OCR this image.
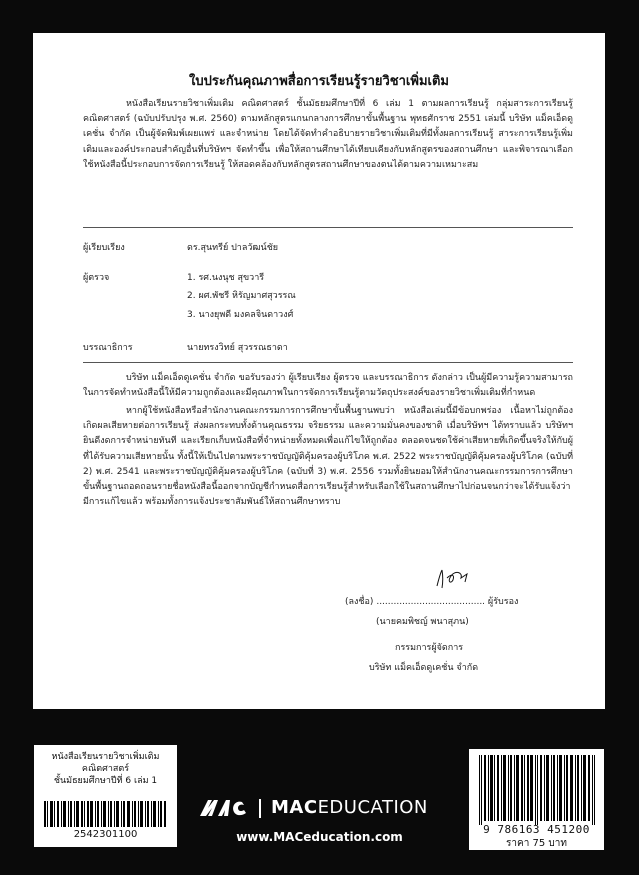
ใบประกันคุณภาพสื่อการเรียนรู้รายวิชาเพิ่มเติม

หนังสือเรียนรายวิชาเพิ่มเติม คณิตศาสตร์ ชั้นมัธยมศึกษาปีที่ 6 เล่ม 1 ตามผลการเรียนรู้ กลุ่มสาระการเรียนรู้คณิตศาสตร์ (ฉบับปรับปรุง พ.ศ. 2560) ตามหลักสูตรแกนกลางการศึกษาขั้นพื้นฐาน พุทธศักราช 2551 เล่มนี้ บริษัท แม็คเอ็ดดูเคชั่น จำกัด เป็นผู้จัดพิมพ์เผยแพร่ และจำหน่าย โดยได้จัดทำคำอธิบายรายวิชาเพิ่มเติมที่มีทั้งผลการเรียนรู้ สาระการเรียนรู้เพิ่มเติมและองค์ประกอบสำคัญอื่นที่บริษัทฯ จัดทำขึ้น เพื่อให้สถานศึกษาได้เทียบเคียงกับหลักสูตรของสถานศึกษา และพิจารณาเลือกใช้หนังสือนี้ประกอบการจัดการเรียนรู้ ให้สอดคล้องกับหลักสูตรสถานศึกษาของตนได้ตามความเหมาะสม

ผู้เรียบเรียง	ดร.สุนทรีย์ ปาลวัฒน์ชัย
ผู้ตรวจ	1. รศ.นงนุช สุขวารี
2. ผศ.พัชรี หิรัญมาศสุวรรณ
3. นางยุพดี มงคลจินดาวงศ์
บรรณาธิการ	นายทรงวิทย์ สุวรรณธาดา

บริษัท แม็คเอ็ดดูเคชั่น จำกัด ขอรับรองว่า ผู้เรียบเรียง ผู้ตรวจ และบรรณาธิการ ดังกล่าว เป็นผู้มีความรู้ความสามารถในการจัดทำหนังสือนี้ให้มีความถูกต้องและมีคุณภาพในการจัดการเรียนรู้ตามวัตถุประสงค์ของรายวิชาเพิ่มเติมที่กำหนด

หากผู้ใช้หนังสือหรือสำนักงานคณะกรรมการการศึกษาขั้นพื้นฐานพบว่า หนังสือเล่มนี้มีข้อบกพร่อง เนื้อหาไม่ถูกต้องเกิดผลเสียหายต่อการเรียนรู้ ส่งผลกระทบทั้งด้านคุณธรรม จริยธรรม และความมั่นคงของชาติ เมื่อบริษัทฯ ได้ทราบแล้ว บริษัทฯ ยินดีงดการจำหน่ายทันที และเรียกเก็บหนังสือที่จำหน่ายทั้งหมดเพื่อแก้ไขให้ถูกต้อง ตลอดจนชดใช้ค่าเสียหายที่เกิดขึ้นจริงให้กับผู้ที่ได้รับความเสียหายนั้น ทั้งนี้ให้เป็นไปตามพระราชบัญญัติคุ้มครองผู้บริโภค พ.ศ. 2522 พระราชบัญญัติคุ้มครองผู้บริโภค (ฉบับที่ 2) พ.ศ. 2541 และพระราชบัญญัติคุ้มครองผู้บริโภค (ฉบับที่ 3) พ.ศ. 2556 รวมทั้งยินยอมให้สำนักงานคณะกรรมการการศึกษาขั้นพื้นฐานถอดถอนรายชื่อหนังสือนี้ออกจากบัญชีกำหนดสื่อการเรียนรู้สำหรับเลือกใช้ในสถานศึกษาไปก่อนจนกว่าจะได้รับแจ้งว่ามีการแก้ไขแล้ว พร้อมทั้งการแจ้งประชาสัมพันธ์ให้สถานศึกษาทราบ

(ลงชื่อ) ...................................... ผู้รับรอง
(นายคมพิชญ์ พนาสุภน)
กรรมการผู้จัดการ
บริษัท แม็คเอ็ดดูเคชั่น จำกัด
หนังสือเรียนรายวิชาเพิ่มเติม
คณิตศาสตร์
ชั้นมัธยมศึกษาปีที่ 6 เล่ม 1
2542301100
MACEDUCATION
www.MACeducation.com
9 786163 451200
ราคา 75 บาท
